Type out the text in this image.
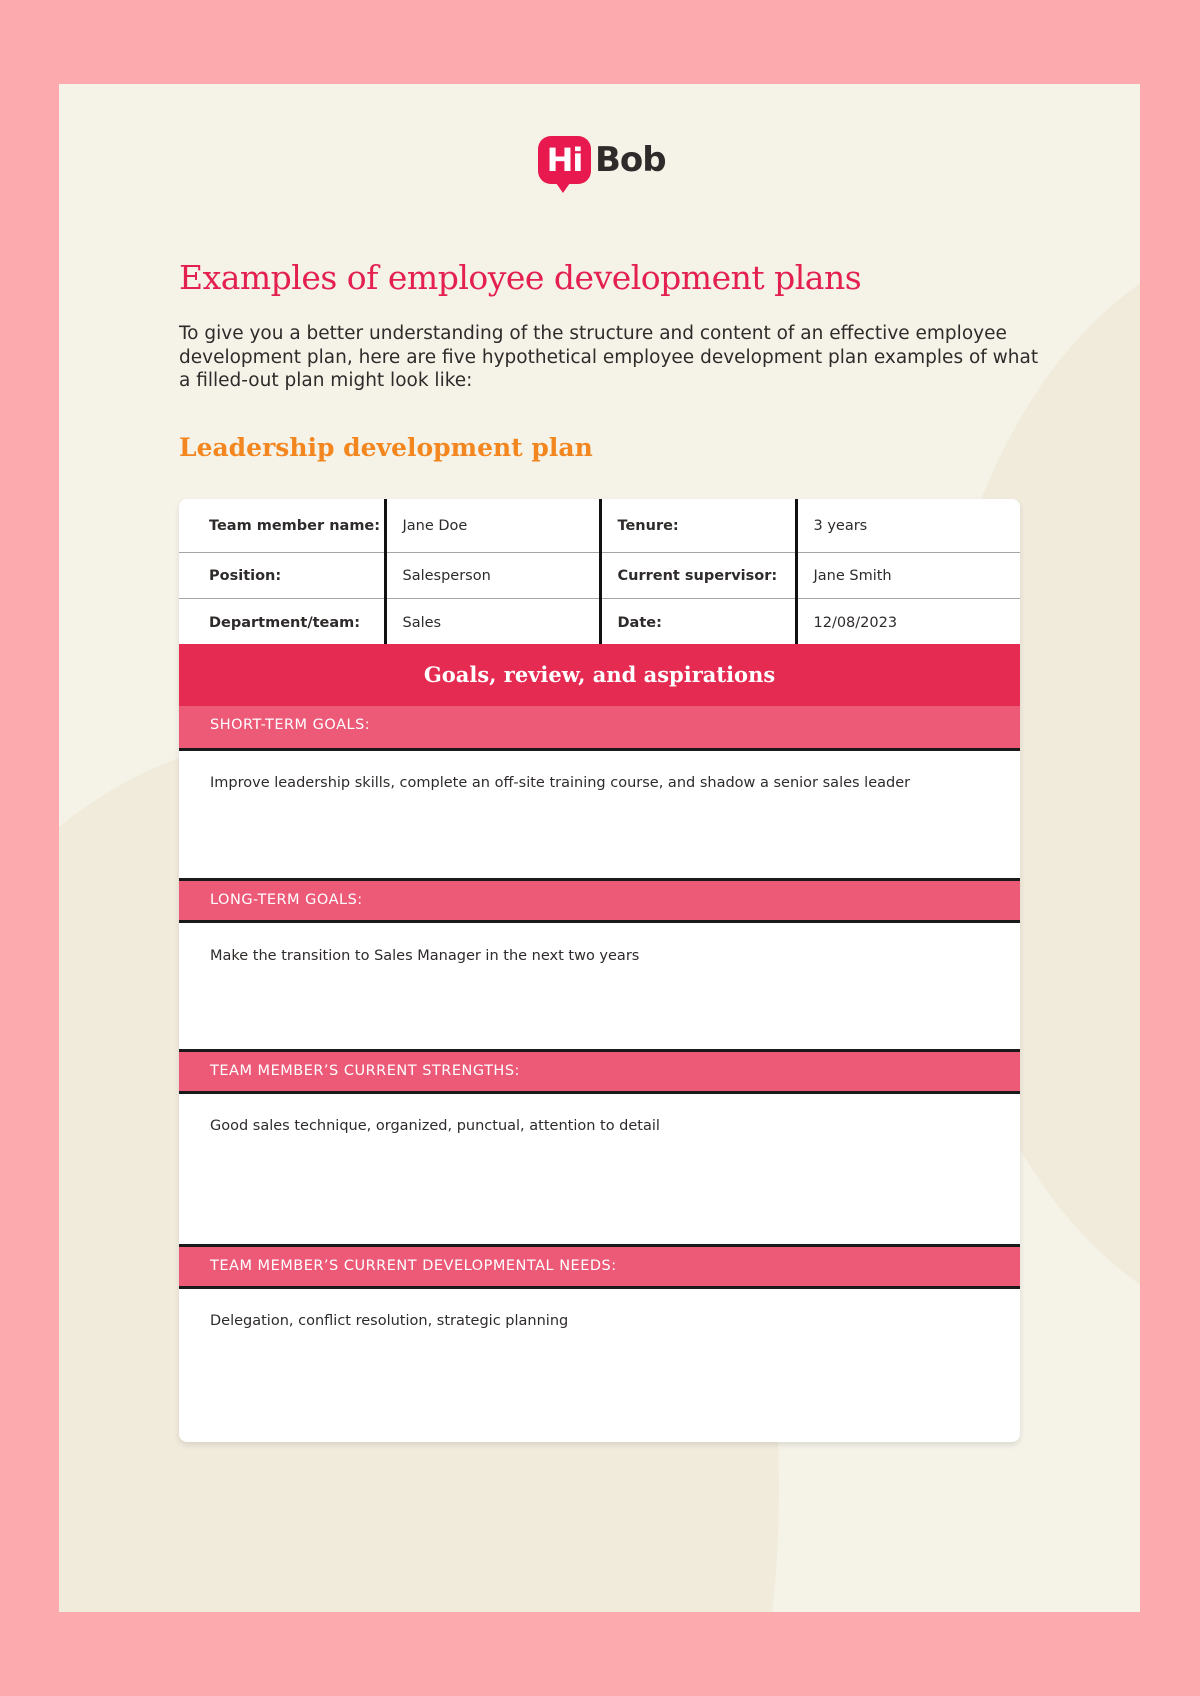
Hi Bob
Examples of employee development plans

To give you a better understanding of the structure and content of an effective employee development plan, here are five hypothetical employee development plan examples of what a filled-out plan might look like:

Leadership development plan
Team member name:	Jane Doe	Tenure:	3 years
Position:	Salesperson	Current supervisor:	Jane Smith
Department/team:	Sales	Date:	12/08/2023
Goals, review, and aspirations
SHORT-TERM GOALS:
Improve leadership skills, complete an off-site training course, and shadow a senior sales leader
LONG-TERM GOALS:
Make the transition to Sales Manager in the next two years
TEAM MEMBER’S CURRENT STRENGTHS:
Good sales technique, organized, punctual, attention to detail
TEAM MEMBER’S CURRENT DEVELOPMENTAL NEEDS:
Delegation, conflict resolution, strategic planning
